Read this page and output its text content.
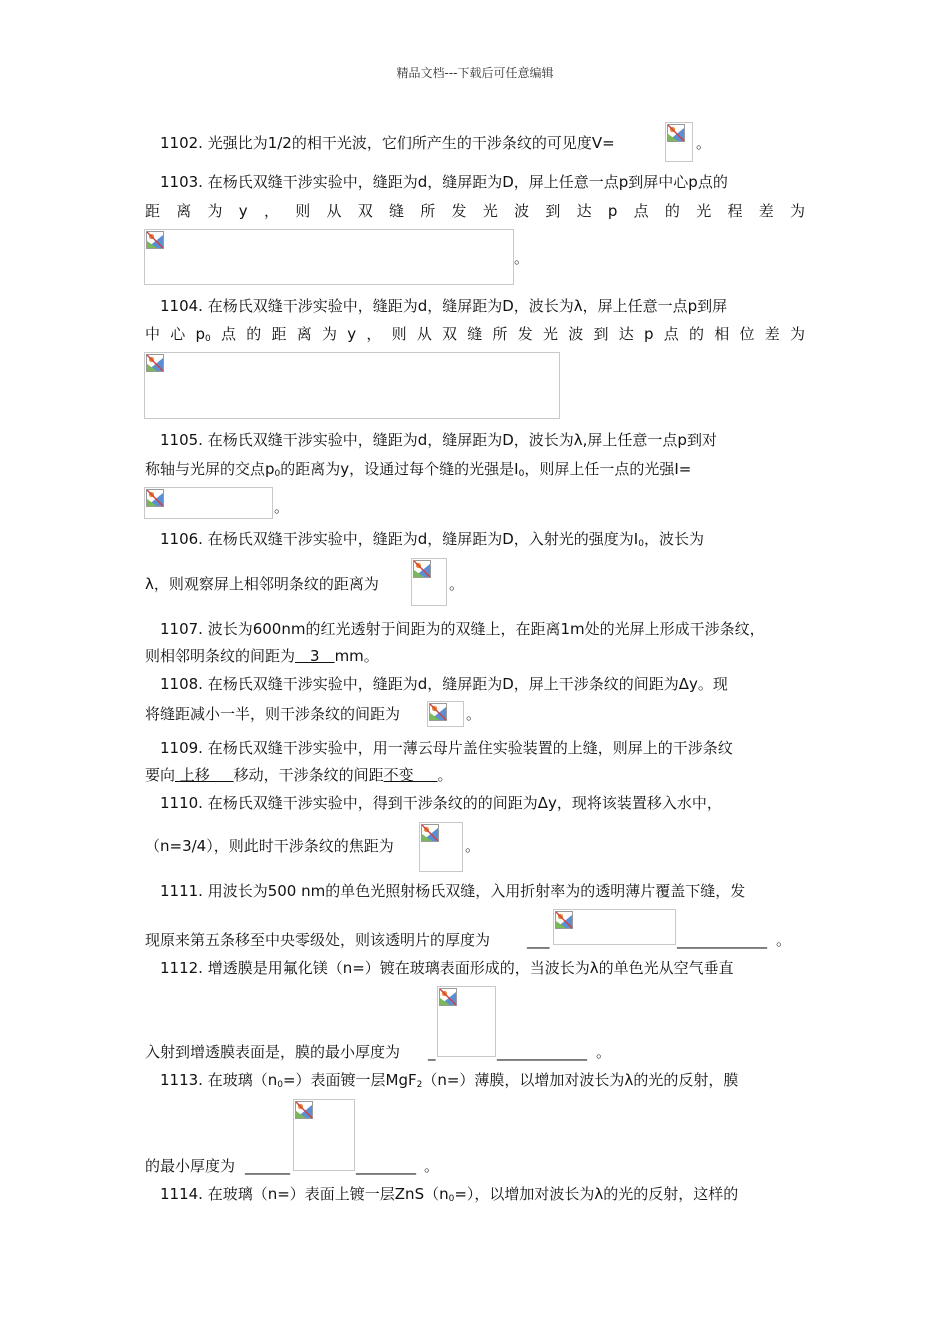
精品文档---下载后可任意编辑
1102. 光强比为1/2的相干光波，它们所产生的干涉条纹的可见度V=	。
1103. 在杨氏双缝干涉实验中，缝距为d，缝屏距为D，屏上任意一点p到屏中心p点的
距离为y，则从双缝所发光波到达p点的光程差为
。
1104. 在杨氏双缝干涉实验中，缝距为d，缝屏距为D，波长为λ，屏上任意一点p到屏
中心$p_0$点的距离为y，则从双缝所发光波到达p点的相位差为
1105. 在杨氏双缝干涉实验中，缝距为d，缝屏距为D，波长为λ,屏上任意一点p到对
称轴与光屏的交点$p_0$的距离为y，设通过每个缝的光强是$I_0$，则屏上任一点的光强I=
。
1106. 在杨氏双缝干涉实验中，缝距为d，缝屏距为D，入射光的强度为$I_0$，波长为
λ，则观察屏上相邻明条纹的距离为	。
1107. 波长为600nm的红光透射于间距为的双缝上，在距离1m处的光屏上形成干涉条纹，
则相邻明条纹的间距为　3　mm。
1108. 在杨氏双缝干涉实验中，缝距为d，缝屏距为D，屏上干涉条纹的间距为Δy。现
将缝距减小一半，则干涉条纹的间距为	。
1109. 在杨氏双缝干涉实验中，用一薄云母片盖住实验装置的上缝，则屏上的干涉条纹
要向 上移     移动，干涉条纹的间距不变     。
1110. 在杨氏双缝干涉实验中，得到干涉条纹的的间距为Δy，现将该装置移入水中，
（n=3/4），则此时干涉条纹的焦距为	。
1111. 用波长为500 nm的单色光照射杨氏双缝，入用折射率为的透明薄片覆盖下缝，发
现原来第五条移至中央零级处，则该透明片的厚度为 ___	____________ 。
1112. 增透膜是用氟化镁（n=）镀在玻璃表面形成的，当波长为λ的单色光从空气垂直
入射到增透膜表面是，膜的最小厚度为 _	____________ 。
1113. 在玻璃$(n_0=)$表面镀一层MgF$_2$（n=）薄膜，以增加对波长为λ的光的反射，膜
的最小厚度为 ______	________ 。
1114. 在玻璃（n=）表面上镀一层$ZnS(n_0=)$，以增加对波长为λ的光的反射，这样的
